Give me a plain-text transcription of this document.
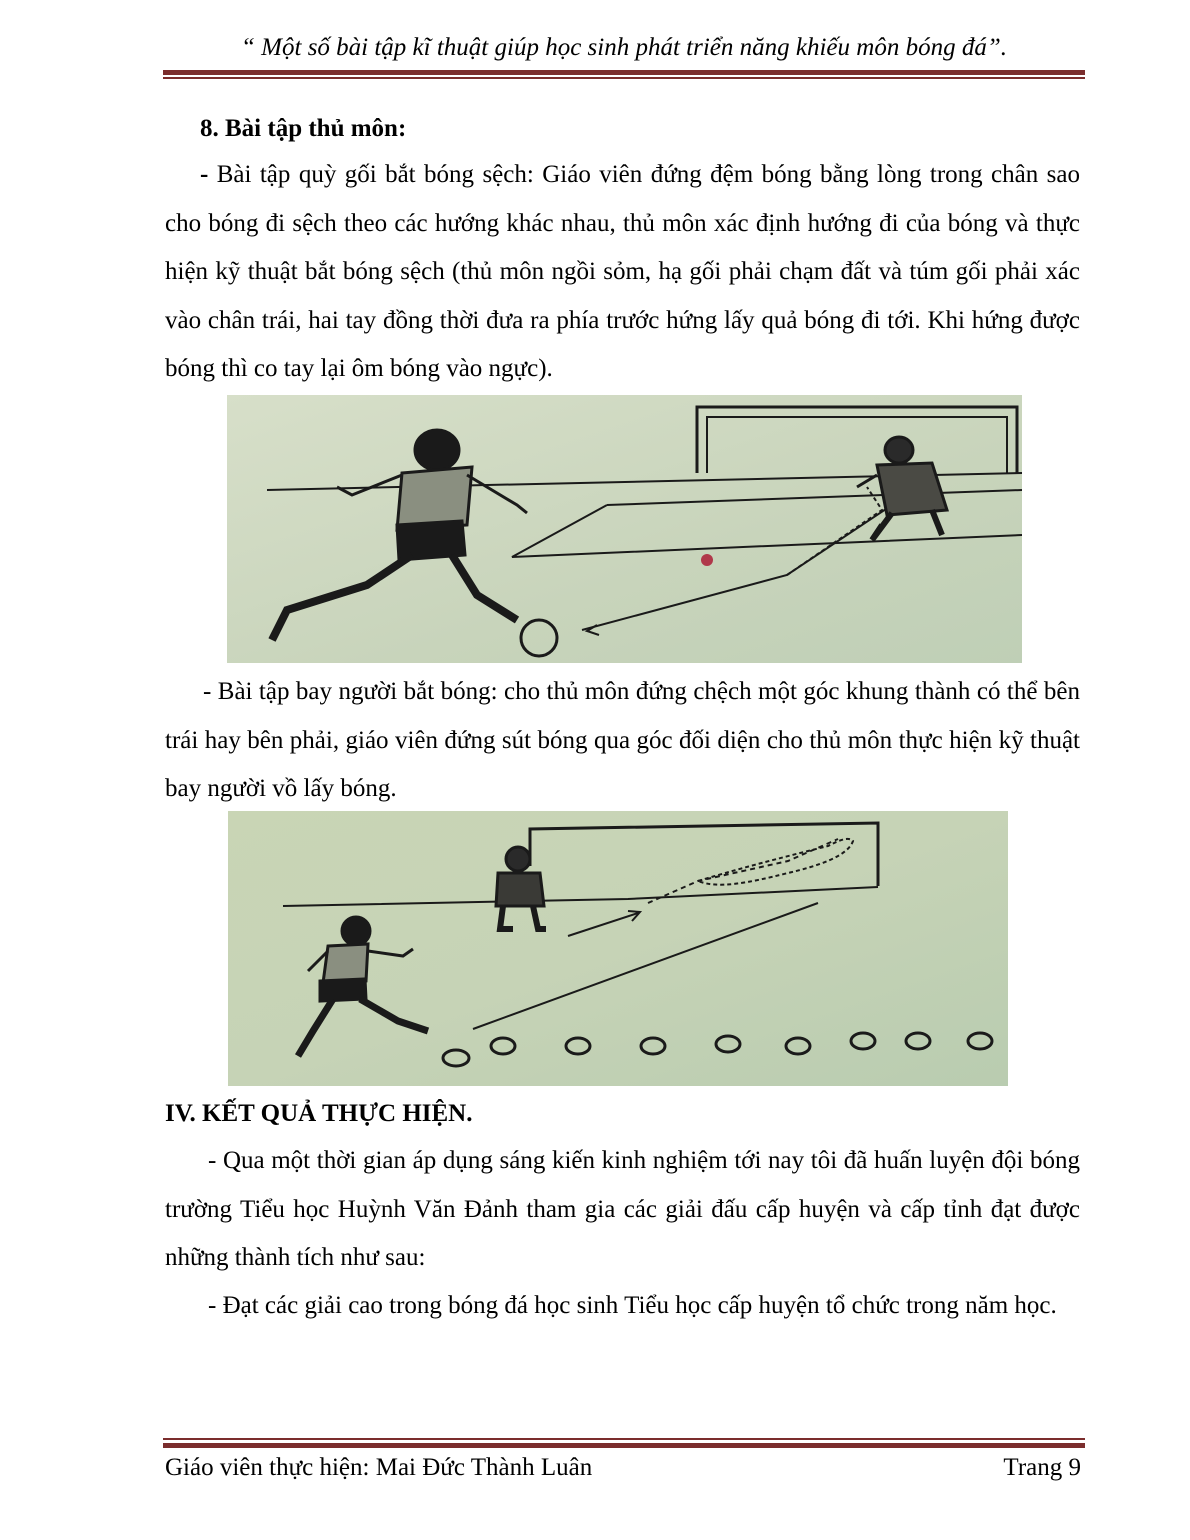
“ Một số bài tập kĩ thuật giúp học sinh phát triển năng khiếu môn bóng đá”.
8. Bài tập thủ môn:
- Bài tập quỳ gối bắt bóng sệch: Giáo viên đứng đệm bóng bằng lòng trong chân sao cho bóng đi sệch theo các hướng khác nhau, thủ môn xác định hướng đi của bóng và thực hiện kỹ thuật bắt bóng sệch (thủ môn ngồi sỏm, hạ gối phải chạm đất và túm gối phải xác vào chân trái, hai tay đồng thời đưa ra phía trước hứng lấy quả bóng đi tới. Khi hứng được bóng thì co tay lại ôm bóng vào ngực).
- Bài tập bay người bắt bóng: cho thủ môn đứng chệch một góc khung thành có thể bên trái hay bên phải, giáo viên đứng sút bóng qua góc đối diện cho thủ môn thực hiện kỹ thuật bay người vồ lấy bóng.
IV. KẾT QUẢ THỰC HIỆN.
- Qua một thời gian áp dụng sáng kiến kinh nghiệm tới nay tôi đã huấn luyện đội bóng trường Tiểu học Huỳnh Văn Đảnh tham gia các giải đấu cấp huyện và cấp tỉnh đạt được những thành tích như sau:
- Đạt các giải cao trong bóng đá học sinh Tiểu học cấp huyện tổ chức trong năm học.
Giáo viên thực hiện: Mai Đức Thành Luân	Trang 9
